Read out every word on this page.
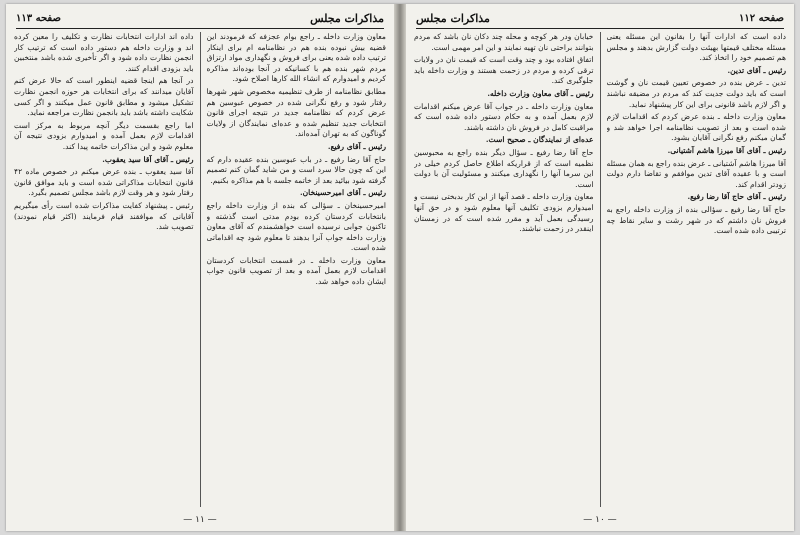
مذاکرات مجلس
صفحه ۱۱۳

معاون وزارت داخله ـ راجع بوام عجزفه که فرمودند این قضیه بیش نبوده بنده هم در نظامنامه ام برای اینکار ترتیب داده شده یعنی برای فروش و نگهداری مواد ارتزاق مردم شهر بنده هم با کسانیکه در آنجا بوده‌اند مذاکره کردیم و امیدوارم که انشاء الله کارها اصلاح شود.

مطابق نظامنامه از طرف تنظیمیه مخصوص شهر شهرها رفتار شود و رفع نگرانی شده در خصوص عبوسین هم عرض کردم که نظامنامه جدید در نتیجه اجرای قانون انتخابات جدید تنظیم شده و عده‌ای نمایندگان از ولایات گوناگون که به تهران آمده‌اند.

رئیس ـ آقای رفیع.

حاج آقا رضا رفیع ـ در باب عبوسین بنده عقیده دارم که این که چون حالا سرد است و من شاید گمان کنم تصمیم گرفته شود بیائید بعد از خاتمه جلسه با هم مذاکره بکنیم.

رئیس ـ آقای امیرحسینخان.

امیرحسینخان ـ سؤالی که بنده از وزارت داخله راجع بانتخابات کردستان کرده بودم مدتی است گذشته و تاکنون جوابی نرسیده است خواهشمندم که آقای معاون وزارت داخله جواب آنرا بدهند تا معلوم شود چه اقداماتی شده است.

معاون وزارت داخله ـ در قسمت انتخابات کردستان اقدامات لازم بعمل آمده و بعد از تصویب قانون جواب ایشان داده خواهد شد.

داده اند ادارات انتخابات نظارت و تکلیف را معین کرده اند و وزارت داخله هم دستور داده است که ترتیب کار انجمن نظارت داده شود و اگر تأخیری شده باشد منتخبین باید بزودی اقدام کنند.

در آنجا هم اینجا قضیه اینطور است که حالا عرض کنم آقایان میدانند که برای انتخابات هر حوزه انجمن نظارت تشکیل میشود و مطابق قانون عمل میکنند و اگر کسی شکایت داشته باشد باید بانجمن نظارت مراجعه نماید.

اما راجع بقسمت دیگر آنچه مربوط به مرکز است اقدامات لازم بعمل آمده و امیدوارم بزودی نتیجه آن معلوم شود و این مذاکرات خاتمه پیدا کند.

رئیس ـ آقای آقا سید یعقوب.

آقا سید یعقوب ـ بنده عرض میکنم در خصوص ماده ۴۲ قانون انتخابات مذاکراتی شده است و باید موافق قانون رفتار شود و هر وقت لازم باشد مجلس تصمیم بگیرد.

رئیس ـ پیشنهاد کفایت مذاکرات شده است رأی میگیریم آقایانی که موافقند قیام فرمایند (اکثر قیام نمودند) تصویب شد.

— ۱۱ —
صفحه ۱۱۲
مذاکرات مجلس

داده است که ادارات آنها را بقانون این مسئله یعنی مسئله مختلف قیمتها بهیئت دولت گزارش بدهند و مجلس هم تصمیم خود را اتخاذ کند.

رئیس ـ آقای تدین.

تدین ـ عرض بنده در خصوص تعیین قیمت نان و گوشت است که باید دولت جدیت کند که مردم در مضیقه نباشند و اگر لازم باشد قانونی برای این کار پیشنهاد نماید.

معاون وزارت داخله ـ بنده عرض کردم که اقدامات لازم شده است و بعد از تصویب نظامنامه اجرا خواهد شد و گمان میکنم رفع نگرانی آقایان بشود.

رئیس ـ آقای آقا میرزا هاشم آشتیانی.

آقا میرزا هاشم آشتیانی ـ عرض بنده راجع به همان مسئله است و با عقیده آقای تدین موافقم و تقاضا دارم دولت زودتر اقدام کند.

رئیس ـ آقای حاج آقا رضا رفیع.

حاج آقا رضا رفیع ـ سؤالی بنده از وزارت داخله راجع به فروش نان داشتم که در شهر رشت و سایر نقاط چه ترتیبی داده شده است.

خیابان ودر هر کوچه و محله چند دکان نان باشد که مردم بتوانند براحتی نان تهیه نمایند و این امر مهمی است.

اتفاق افتاده بود و چند وقت است که قیمت نان در ولایات ترقی کرده و مردم در زحمت هستند و وزارت داخله باید جلوگیری کند.

رئیس ـ آقای معاون وزارت داخله.

معاون وزارت داخله ـ در جواب آقا عرض میکنم اقدامات لازم بعمل آمده و به حکام دستور داده شده است که مراقبت کامل در فروش نان داشته باشند.

عده‌ای از نمایندگان ـ صحیح است.

حاج آقا رضا رفیع ـ سؤال دیگر بنده راجع به محبوسین نظمیه است که از قراریکه اطلاع حاصل کردم خیلی در این سرما آنها را نگهداری میکنند و مسئولیت آن با دولت است.

معاون وزارت داخله ـ قصد آنها از این کار بدبختی نیست و امیدوارم بزودی تکلیف آنها معلوم شود و در حق آنها رسیدگی بعمل آید و مقرر شده است که در زمستان اینقدر در زحمت نباشند.

— ۱۰ —
